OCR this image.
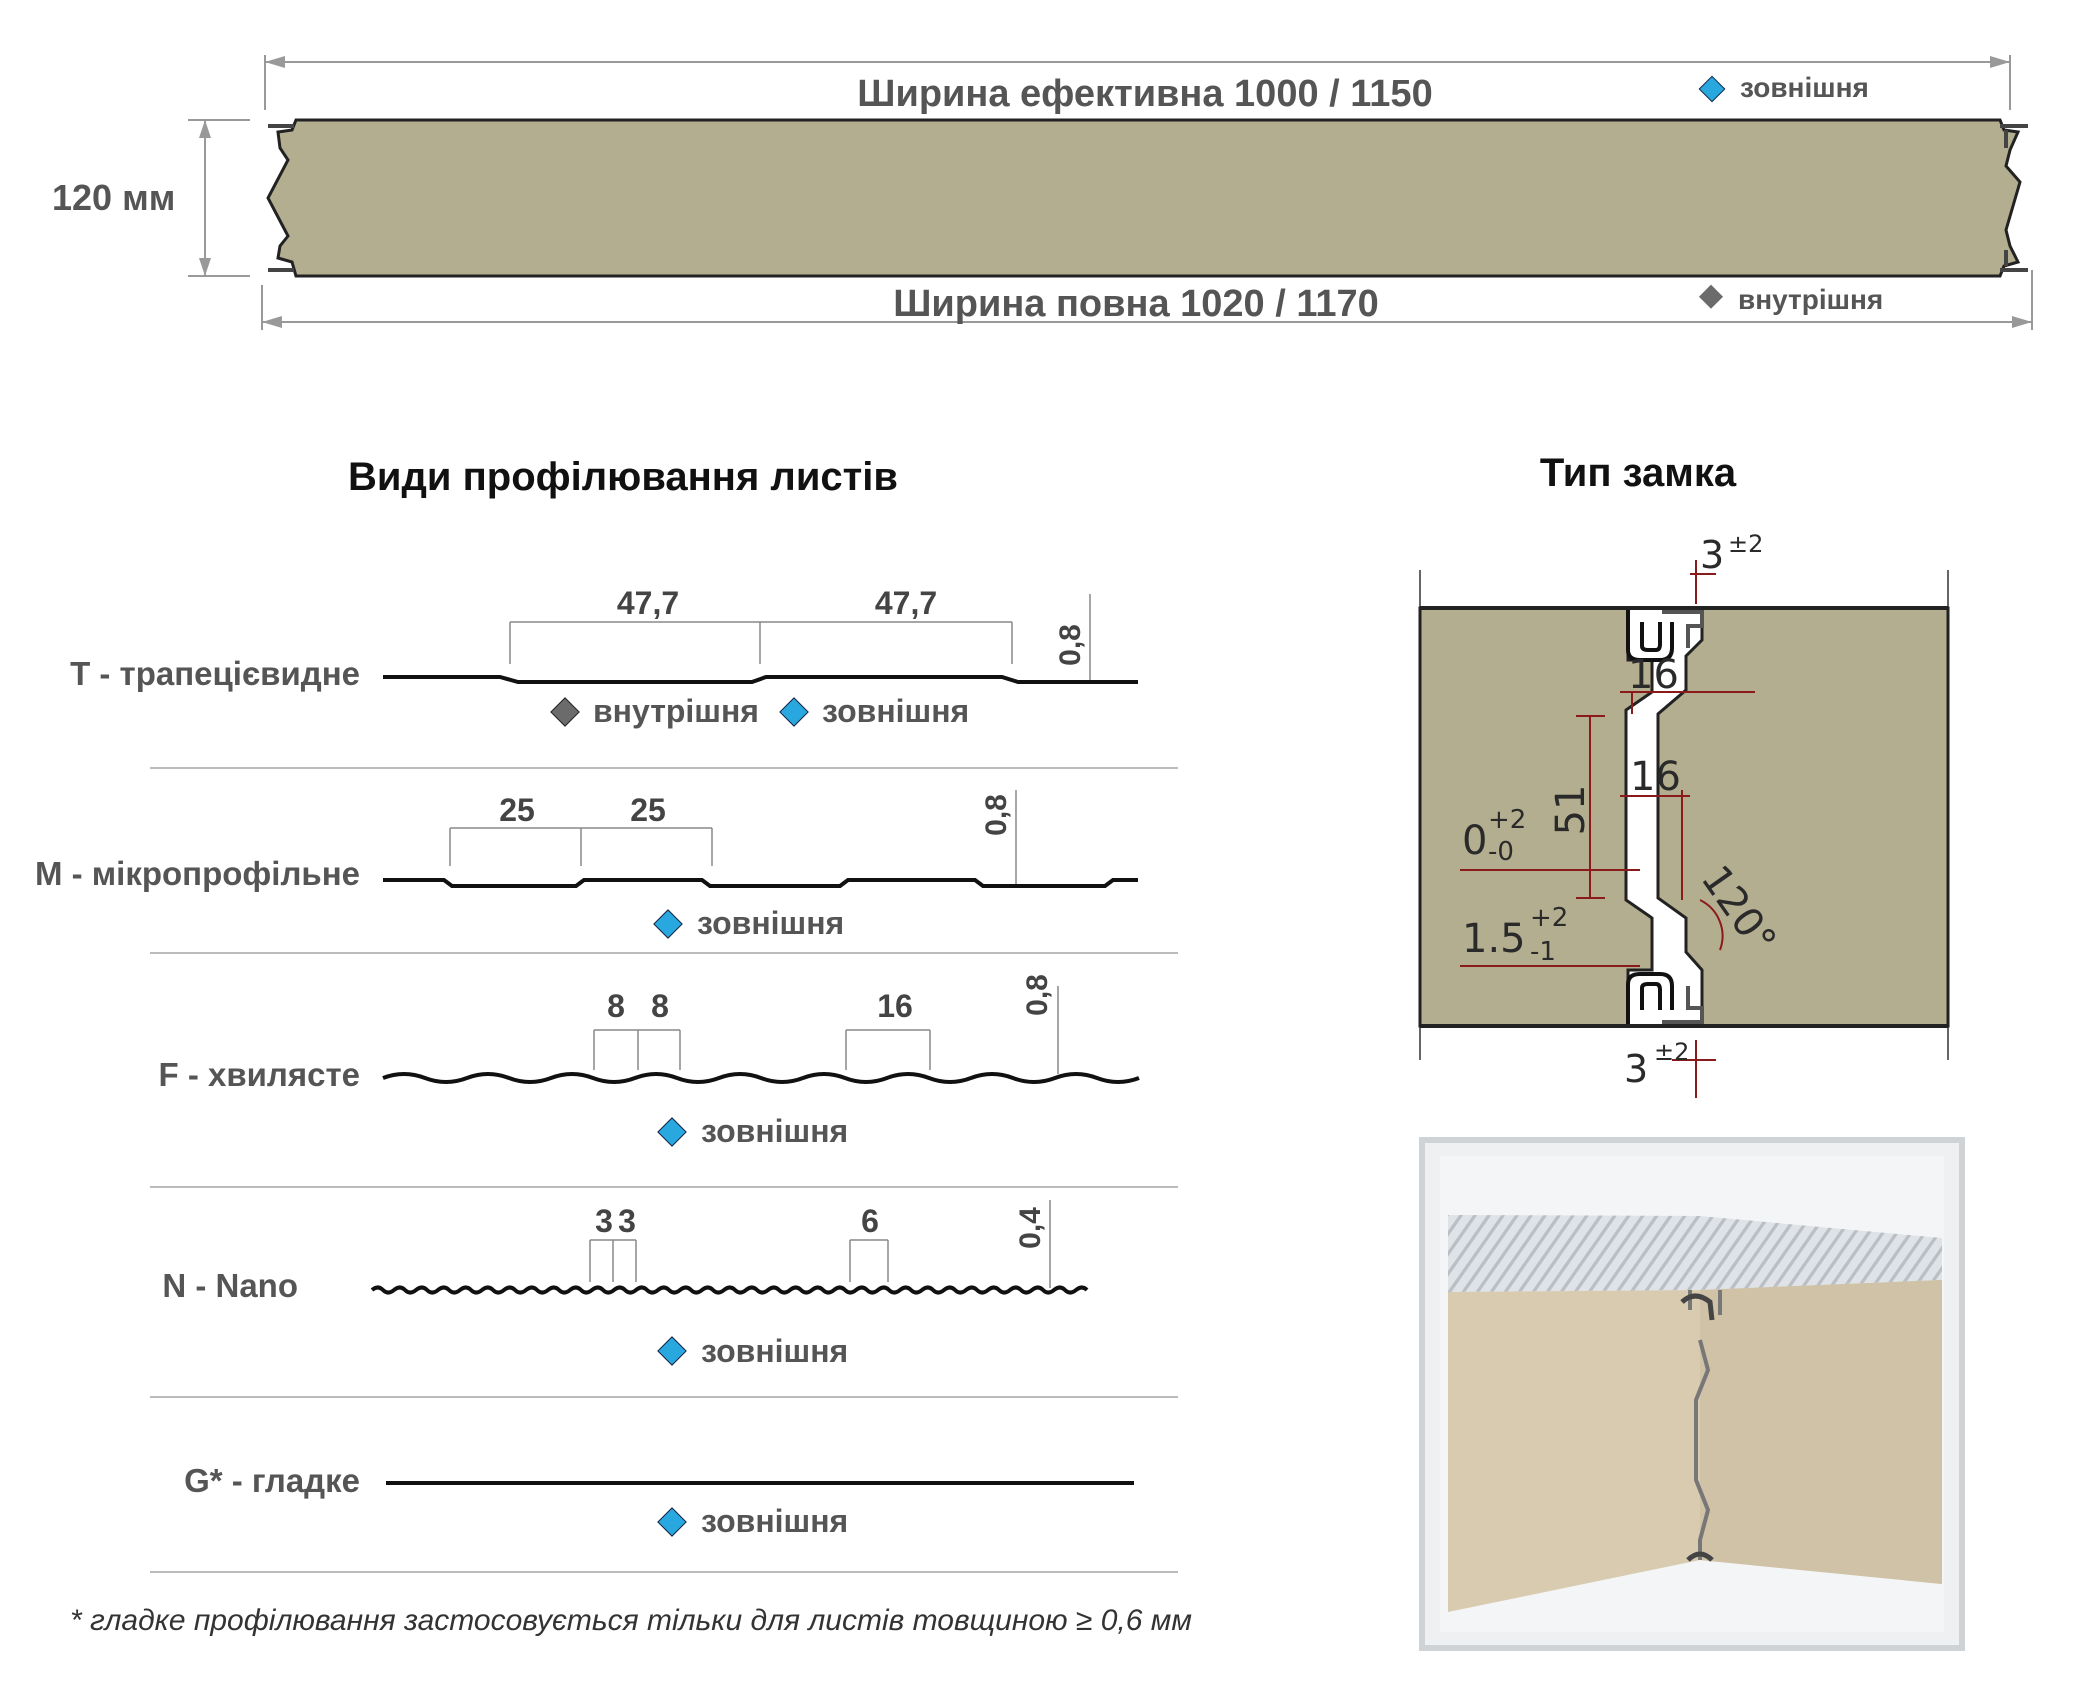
Ширина ефективна 1000 / 1150
Ширина повна 1020 / 1170
120 мм
зовнішня
внутрішня
Види профілювання листів
T - трапецієвидне
47,7	47,7
0,8
внутрішня зовнішня
M - мікропрофільне
25	25	0,8
зовнішня
F - хвилясте
8 8	16	0,8
зовнішня
N - Nano
3 3	6	0,4
зовнішня
G* - гладке
зовнішня
* гладке профілювання застосовується тільки для листів товщиною ≥ 0,6 мм
Тип замка
3 ±2
16
16
51
0 +2
-0
1.5 +2
-1	120°
3 ±2
